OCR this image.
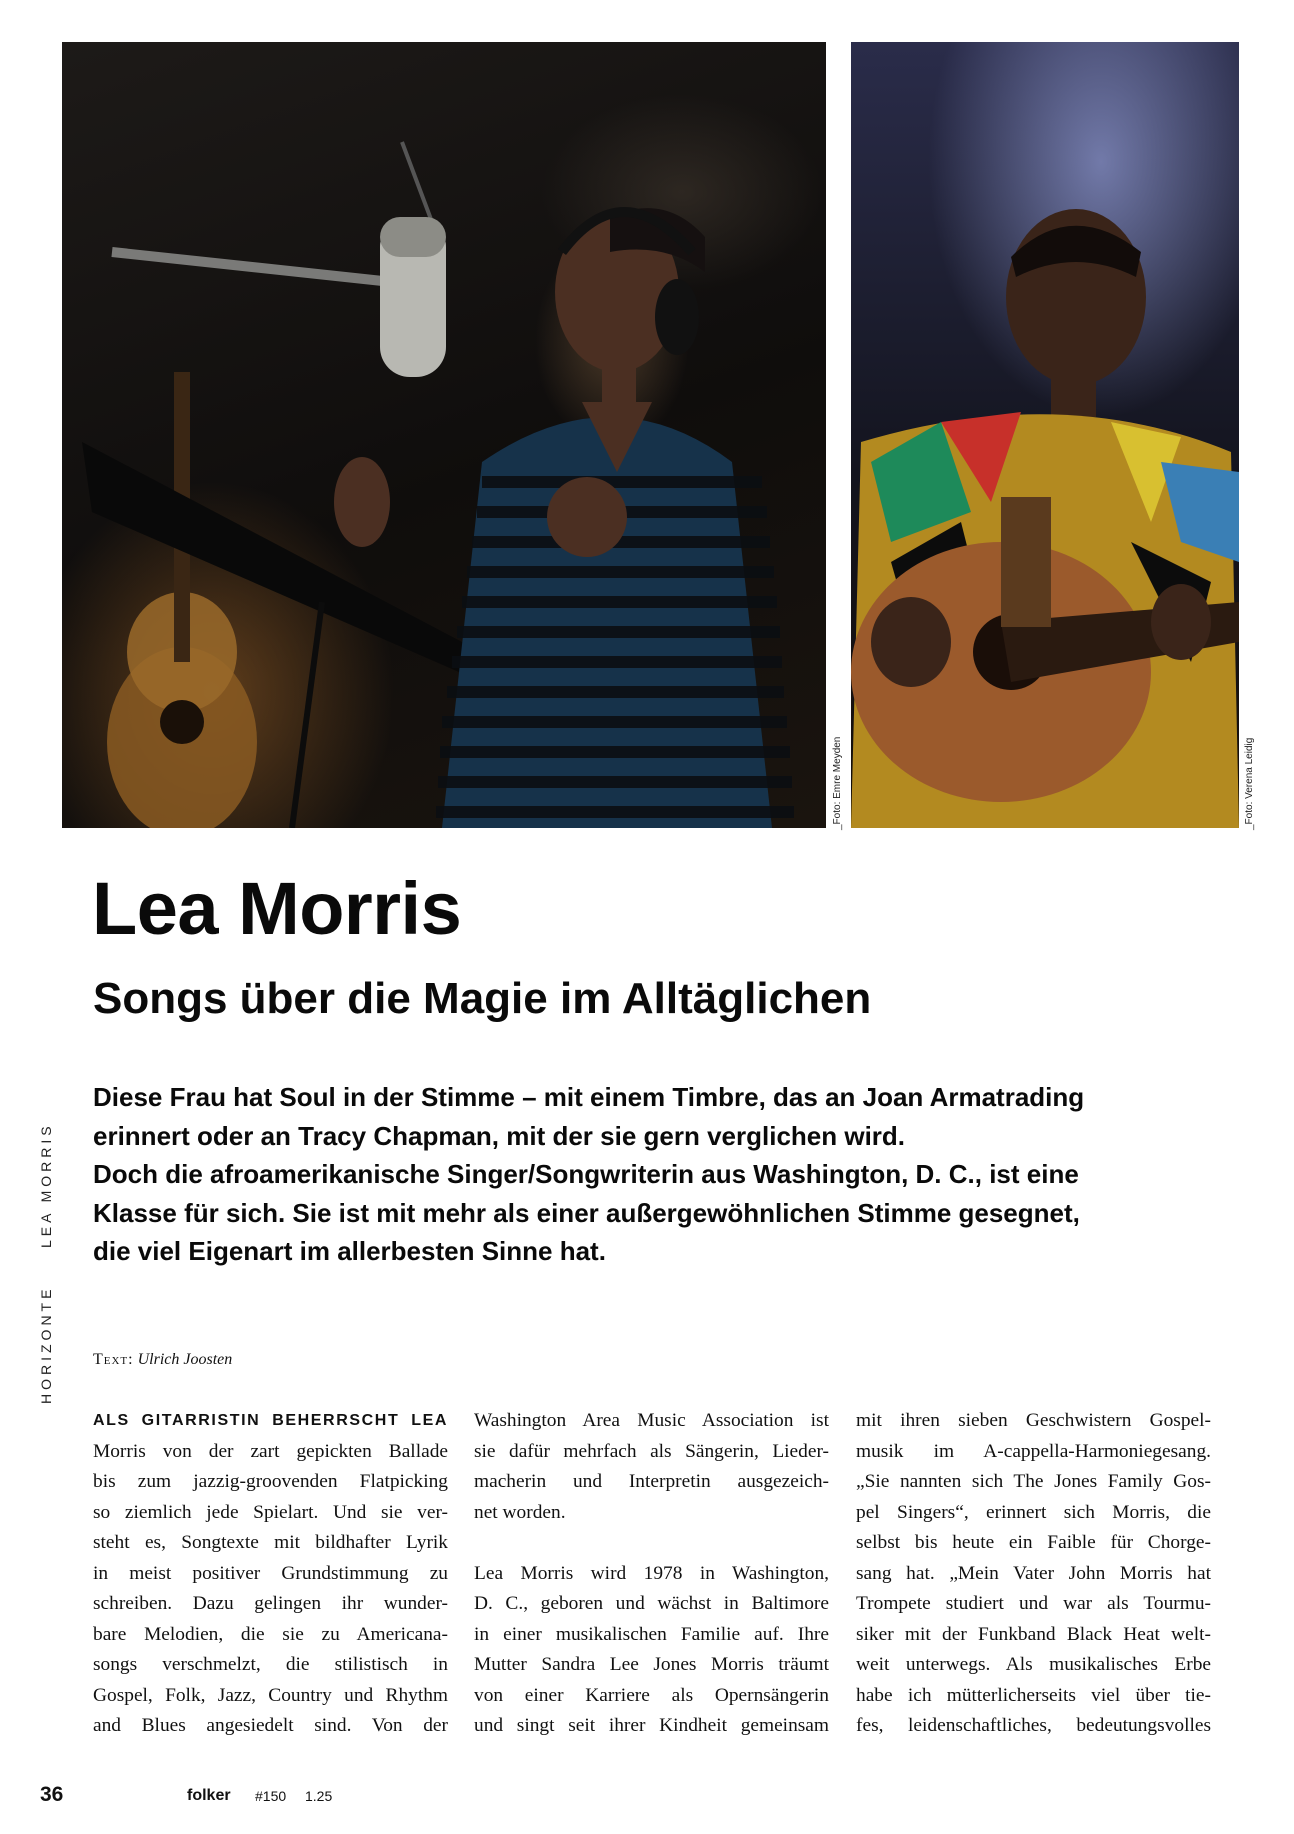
_Foto: Emre Meyden	_Foto: Verena Leidig
Lea Morris
Songs über die Magie im Alltäglichen

Diese Frau hat Soul in der Stimme – mit einem Timbre, das an Joan Armatrading

erinnert oder an Tracy Chapman, mit der sie gern verglichen wird.

Doch die afroamerikanische Singer/Songwriterin aus Washington, D. C., ist eine

Klasse für sich. Sie ist mit mehr als einer außergewöhnlichen Stimme gesegnet,

die viel Eigenart im allerbesten Sinne hat.

LEA MORRIS
HORIZONTE Text: Ulrich Joosten
ALS GITARRISTIN BEHERRSCHT LEA
Morris von der zart gepickten Ballade
bis zum jazzig-groovenden Flatpicking
so ziemlich jede Spielart. Und sie ver-
steht es, Songtexte mit bildhafter Lyrik
in meist positiver Grundstimmung zu
schreiben. Dazu gelingen ihr wunder-
bare Melodien, die sie zu Americana-
songs verschmelzt, die stilistisch in
Gospel, Folk, Jazz, Country und Rhythm
and Blues angesiedelt sind. Von der
Washington Area Music Association ist
sie dafür mehrfach als Sängerin, Lieder-
macherin und Interpretin ausgezeich-
net worden.
Lea Morris wird 1978 in Washington,
D. C., geboren und wächst in Baltimore
in einer musikalischen Familie auf. Ihre
Mutter Sandra Lee Jones Morris träumt
von einer Karriere als Opernsängerin
und singt seit ihrer Kindheit gemeinsam
mit ihren sieben Geschwistern Gospel-
musik im A-cappella-Harmoniegesang.
„Sie nannten sich The Jones Family Gos-
pel Singers“, erinnert sich Morris, die
selbst bis heute ein Faible für Chorge-
sang hat. „Mein Vater John Morris hat
Trompete studiert und war als Tourmu-
siker mit der Funkband Black Heat welt-
weit unterwegs. Als musikalisches Erbe
habe ich mütterlicherseits viel über tie-
fes, leidenschaftliches, bedeutungsvolles
36	folker #150 1.25
